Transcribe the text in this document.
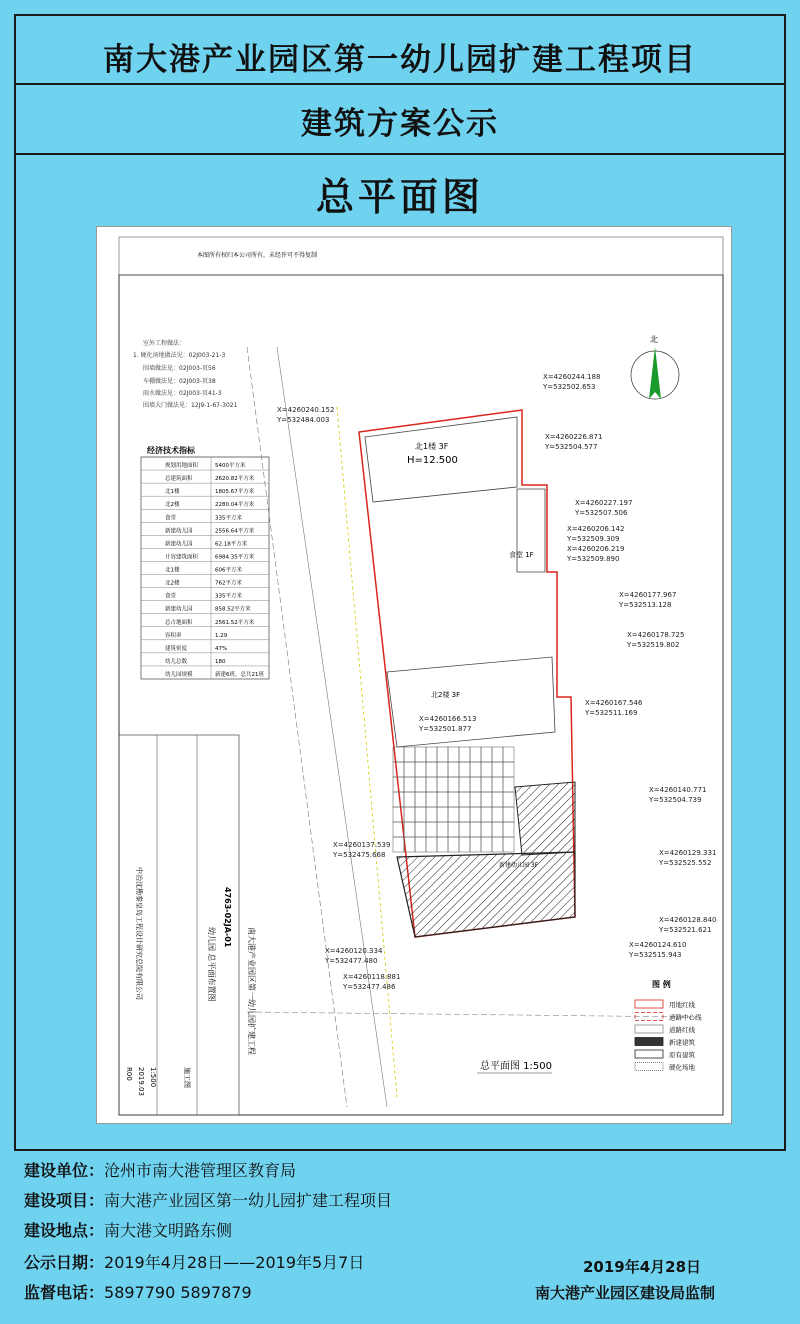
南大港产业园区第一幼儿园扩建工程项目
建筑方案公示
总平面图
本图所有权归本公司所有，未经许可不得复制
室外工程做法：
1. 硬化场地做法见：02J003-21-3
围墙做法见：02J003-页56
车棚做法见：02J003-页38
雨水做法见：02J003-页41-3
围墙大门做法见：12J9-1-67-3021
经济技术指标
规划用地面积	5400平方米
总建筑面积	2620.82平方米
北1楼	1805.67平方米
北2楼	2280.04平方米
食堂	335平方米
新建幼儿园	2556.64平方米
新建幼儿园	62.18平方米
计容建筑面积	6984.35平方米
北1楼	606平方米
北2楼	762平方米
食堂	335平方米
新建幼儿园	858.52平方米
总占地面积	2561.52平方米
容积率	1.29
建筑密度	47%
幼儿总数	180
幼儿园规模	新建6班，总共21班
北1楼 3F
H=12.500
食堂 1F
北2楼 3F
新建幼儿园 3F
X=4260244.188
Y=532502.653
X=4260240.152
Y=532484.003
X=4260226.871
Y=532504.577
X=4260227.197
Y=532507.506
X=4260206.142
Y=532509.309
X=4260206.219
Y=532509.890
X=4260177.967
Y=532513.128
X=4260178.725
Y=532519.802
X=4260167.546
Y=532511.169
X=4260166.513
Y=532501.877
X=4260140.771
Y=532504.739
X=4260137.539
Y=532475.668	X=4260129.331
Y=532525.552
X=4260128.840
Y=532521.621
X=4260124.610
Y=532515.943
X=4260120.334
Y=532477.480
X=4260118.881
Y=532477.486
北
总平面图 1:500
图 例
用地红线
道路中心线
道路红线
新建建筑
原有建筑
硬化场地
南大港产业园区第一幼儿园扩建工程
幼儿园 总平面布置图
4763-02JA-01
中冶沈勘秦皇岛工程设计研究总院有限公司
1:500
2019.03	施工图
R00
建设单位：沧州市南大港管理区教育局
建设项目：南大港产业园区第一幼儿园扩建工程项目
建设地点：南大港文明路东侧
公示日期：2019年4月28日——2019年5月7日
监督电话：5897790 5897879
2019年4月28日
南大港产业园区建设局监制
